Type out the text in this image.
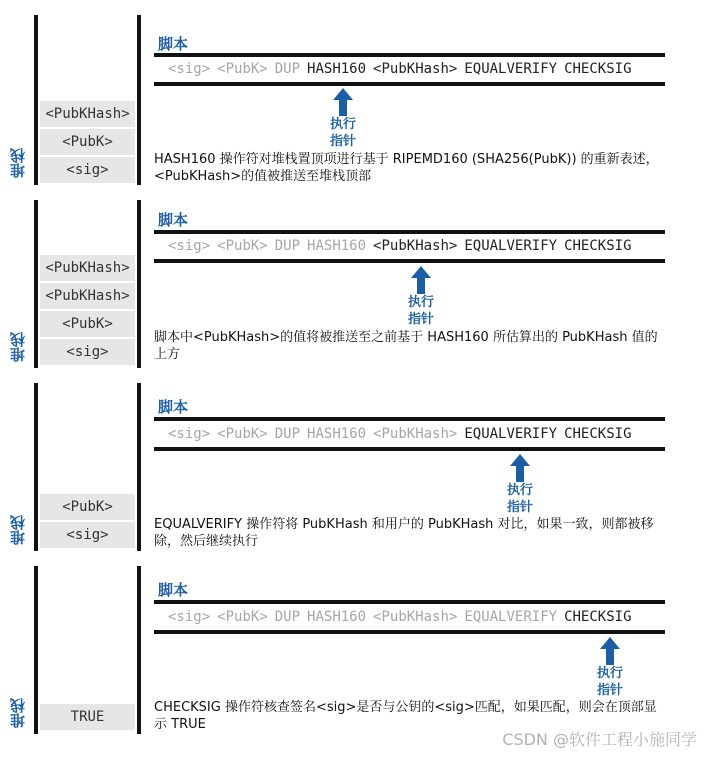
堆栈
<PubKHash>
<PubK>
<sig>
脚本
<sig> <PubK> DUP HASH160 <PubKHash> EQUALVERIFY CHECKSIG
执行
指针
HASH160 操作符对堆栈置顶项进行基于 RIPEMD160 (SHA256(PubK)) 的重新表述，<PubKHash>的值被推送至堆栈顶部
堆栈
<PubKHash>
<PubKHash>
<PubK>
<sig>
脚本
<sig> <PubK> DUP HASH160 <PubKHash> EQUALVERIFY CHECKSIG
执行
指针
脚本中<PubKHash>的值将被推送至之前基于 HASH160 所估算出的 PubKHash 值的上方
堆栈
<PubK>
<sig>
脚本
<sig> <PubK> DUP HASH160 <PubKHash> EQUALVERIFY CHECKSIG
执行
指针
EQUALVERIFY 操作符将 PubKHash 和用户的 PubKHash 对比，如果一致，则都被移除，然后继续执行
堆栈	TRUE
脚本
<sig> <PubK> DUP HASH160 <PubKHash> EQUALVERIFY CHECKSIG
执行
指针
CHECKSIG 操作符核查签名<sig>是否与公钥的<sig>匹配，如果匹配，则会在顶部显示 TRUE
CSDN @软件工程小施同学
